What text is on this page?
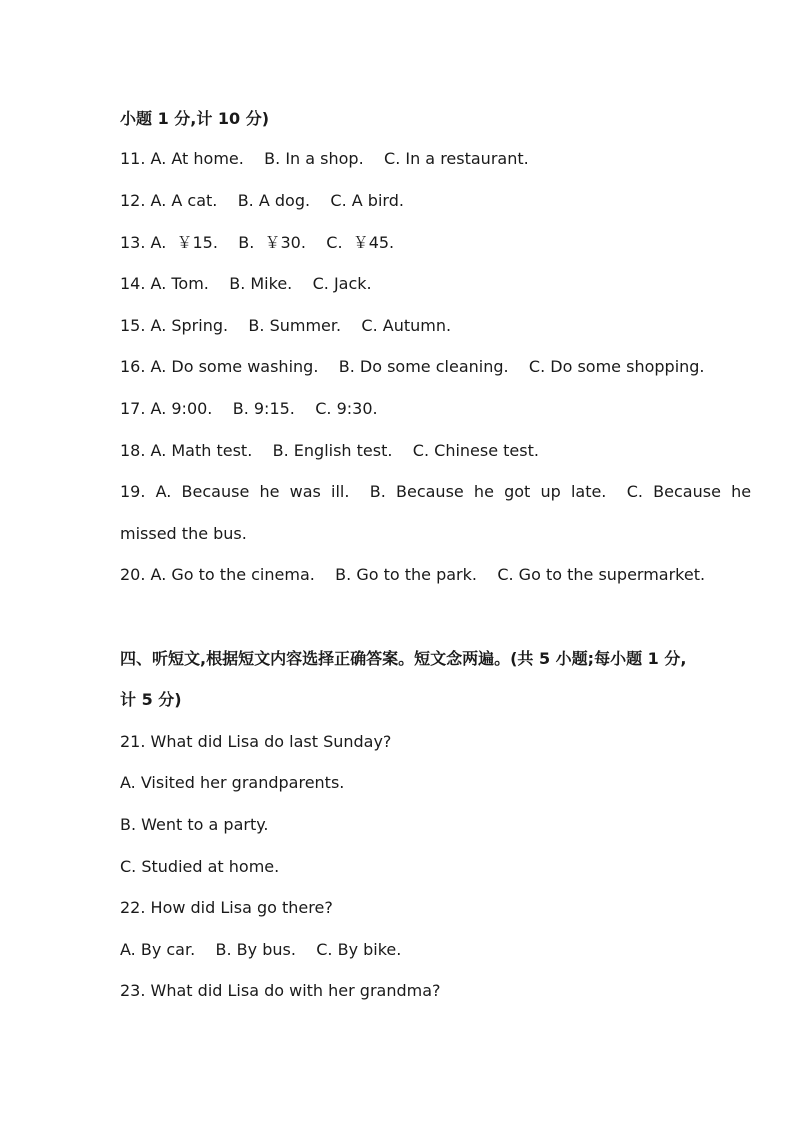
小题 1 分,计 10 分)
11. A. At home.    B. In a shop.    C. In a restaurant.
12. A. A cat.    B. A dog.    C. A bird.
13. A.  ￥15.    B.  ￥30.    C.  ￥45.
14. A. Tom.    B. Mike.    C. Jack.
15. A. Spring.    B. Summer.    C. Autumn.
16. A. Do some washing.    B. Do some cleaning.    C. Do some shopping.
17. A. 9:00.    B. 9:15.    C. 9:30.
18. A. Math test.    B. English test.    C. Chinese test.
19.  A.  Because  he  was  ill.    B.  Because  he  got  up  late.    C.  Because  he
missed the bus.
20. A. Go to the cinema.    B. Go to the park.    C. Go to the supermarket.
四、听短文,根据短文内容选择正确答案。短文念两遍。(共 5 小题;每小题 1 分,
计 5 分)
21. What did Lisa do last Sunday?
A. Visited her grandparents.
B. Went to a party.
C. Studied at home.
22. How did Lisa go there?
A. By car.    B. By bus.    C. By bike.
23. What did Lisa do with her grandma?
